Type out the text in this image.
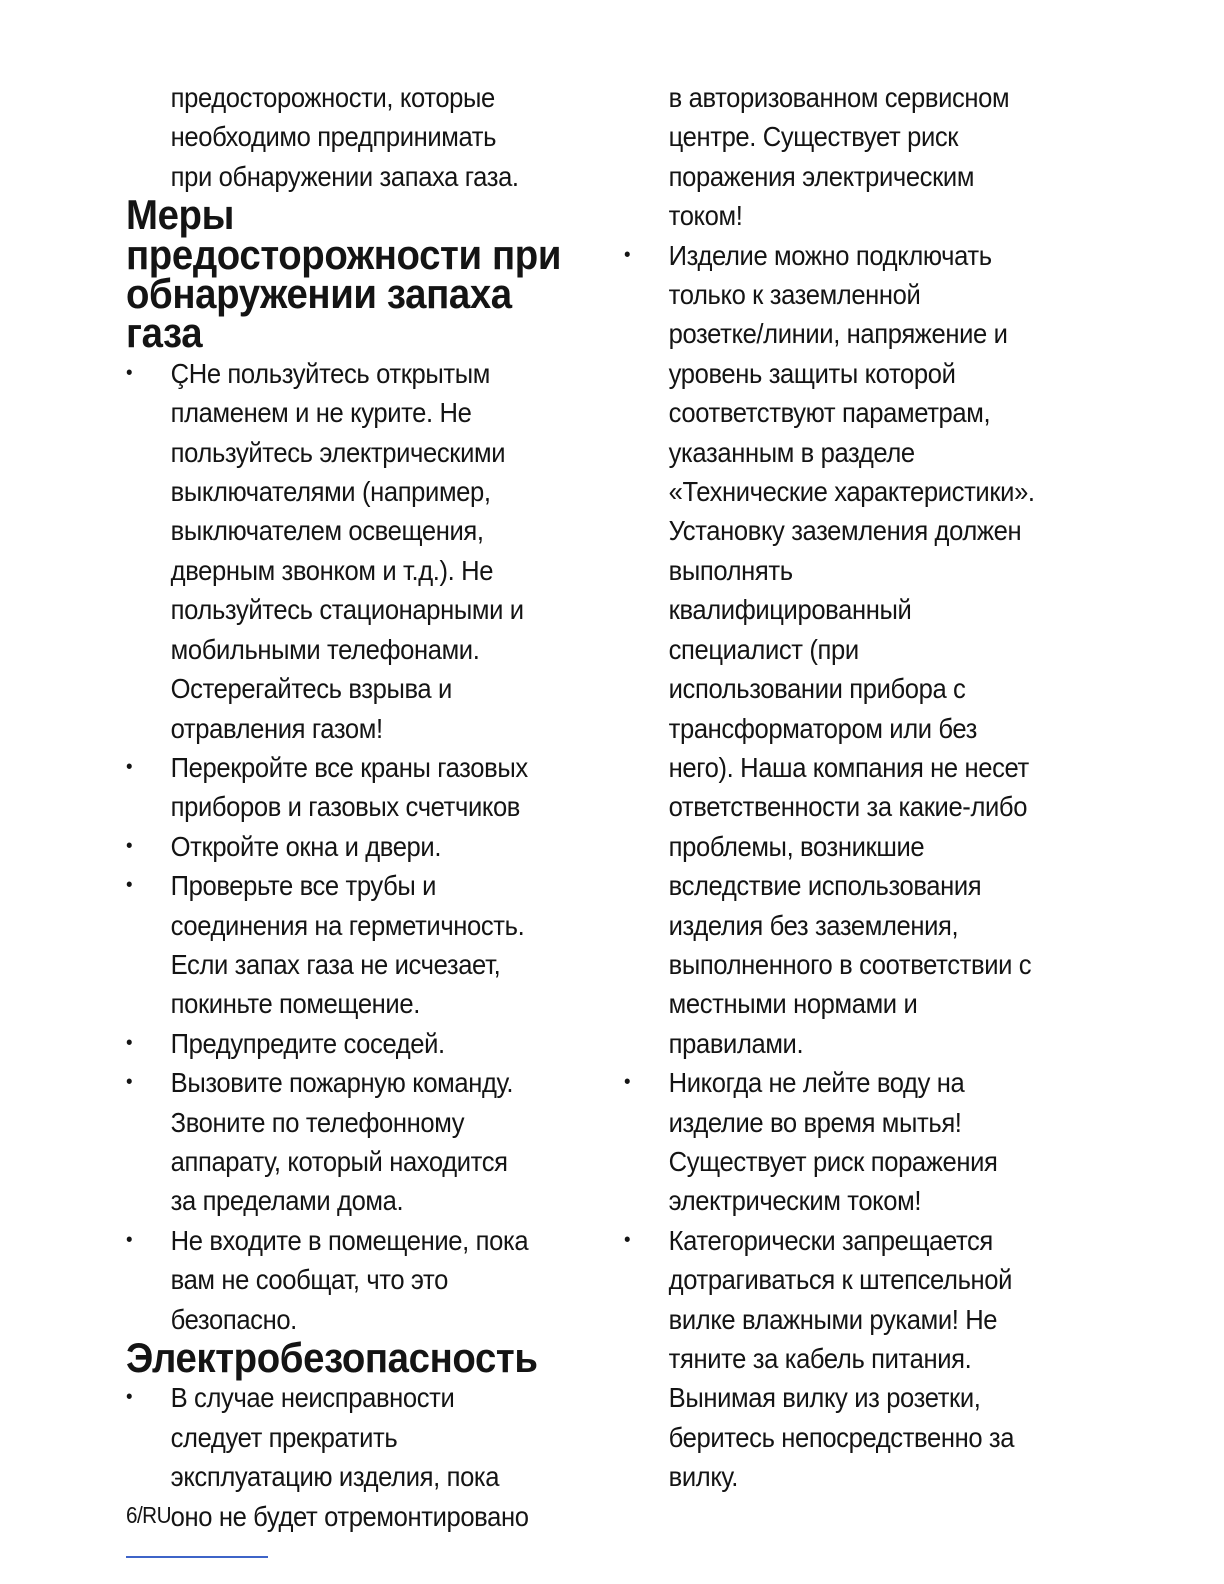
предосторожности, которые
необходимо предпринимать
при обнаружении запаха газа.

Меры предосторожности при
обнаружении запаха газа
•	ÇНе пользуйтесь открытым
пламенем и не курите. Не
пользуйтесь электрическими
выключателями (например,
выключателем освещения,
дверным звонком и т.д.). Не
пользуйтесь стационарными и
мобильными телефонами.
Остерегайтесь взрыва и
отравления газом!
•	Перекройте все краны газовых
приборов и газовых счетчиков
•	Откройте окна и двери.
•	Проверьте все трубы и
соединения на герметичность.
Если запах газа не исчезает,
покиньте помещение.
•	Предупредите соседей.
•	Вызовите пожарную команду.
Звоните по телефонному
аппарату, который находится
за пределами дома.
•	Не входите в помещение, пока
вам не сообщат, что это
безопасно.
Электробезопасность
•	В случае неисправности
следует прекратить
эксплуатацию изделия, пока
оно не будет отремонтировано

в авторизованном сервисном
центре. Существует риск
поражения электрическим
током!

•	Изделие можно подключать
только к заземленной
розетке/линии, напряжение и
уровень защиты которой
соответствуют параметрам,
указанным в разделе
«Технические характеристики».
Установку заземления должен
выполнять
квалифицированный
специалист (при
использовании прибора с
трансформатором или без
него). Наша компания не несет
ответственности за какие-либо
проблемы, возникшие
вследствие использования
изделия без заземления,
выполненного в соответствии с
местными нормами и
правилами.
•	Никогда не лейте воду на
изделие во время мытья!
Существует риск поражения
электрическим током!
•	Категорически запрещается
дотрагиваться к штепсельной
вилке влажными руками! Не
тяните за кабель питания.
Вынимая вилку из розетки,
беритесь непосредственно за
вилку.
6/RU
